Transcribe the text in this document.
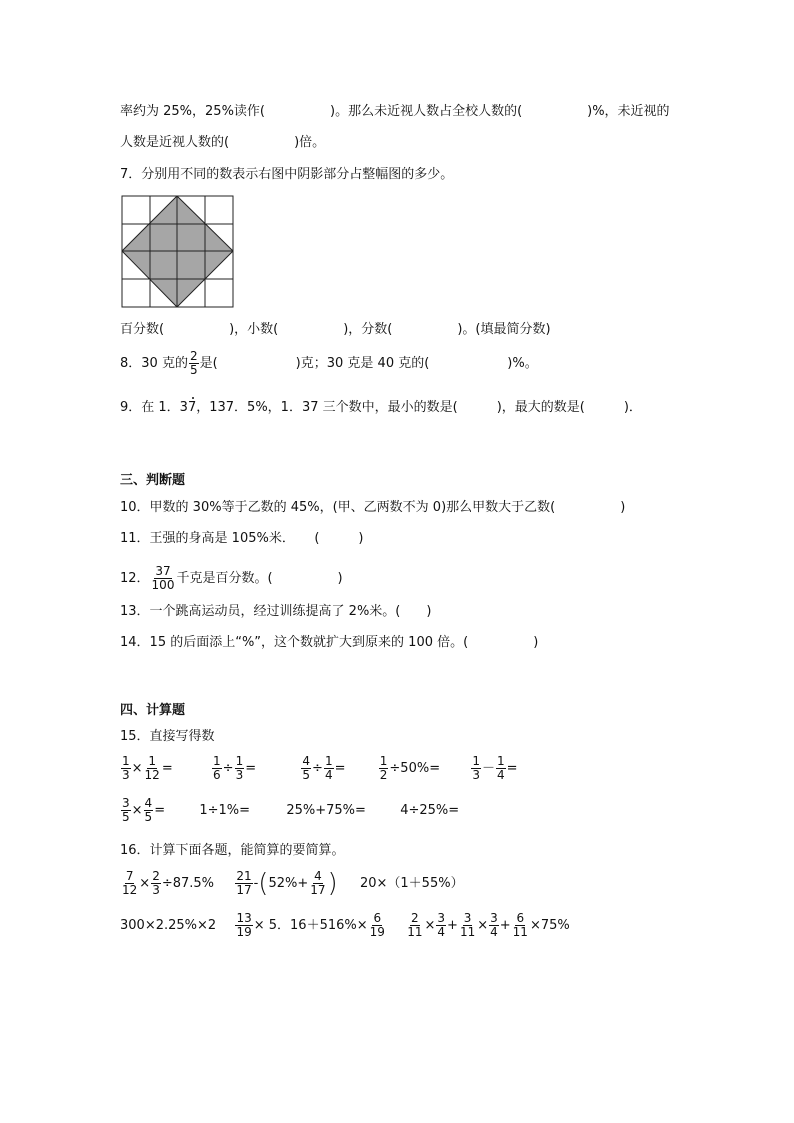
率约为 25%，25%读作(　　　　　)。那么未近视人数占全校人数的(　　　　　)%，未近视的
人数是近视人数的(　　　　　)倍。
7．分别用不同的数表示右图中阴影部分占整幅图的多少。
百分数(　　　　　)，小数(　　　　　)，分数(　　　　　)。(填最简分数)
8．30 克的 $\frac{2}{5}$ 是(　　　　　　)克；30 克是 40 克的(　　　　　　)%。
9．在 1．37，137．5%，1．37 三个数中，最小的数是(　　　)，最大的数是(　　　)．
三、判断题
10．甲数的 30%等于乙数的 45%，(甲、乙两数不为 0)那么甲数大于乙数(　　　　　)
11．王强的身高是 105%米．　　(　　　)
12． $\frac{37}{100}$ 千克是百分数。(　　　　　)
13．一个跳高运动员，经过训练提高了 2%米。(　　)
14．15 的后面添上“%”，这个数就扩大到原来的 100 倍。(　　　　　)
四、计算题
15．直接写得数
$\frac{1}{3} \times \frac{1}{12}$ =	$\frac{1}{6} \div \frac{1}{3}$ =	$\frac{4}{5} \div \frac{1}{4}$ =	$\frac{1}{2} \div 50\%=$	$\frac{1}{3} - \frac{1}{4}$ =
$\frac{3}{5} \times \frac{4}{5}$ =	1÷1%=	25%+75%=	4÷25%=
16．计算下面各题，能简算的要简算。
$\frac{7}{12} \times \frac{2}{3} \div 87.5\% \frac{21}{17} -(52\%+ \frac{4}{17}$ ) 20×（1＋55%）
$300\times 2.25\%\times 2 \frac{13}{19} \times 5$．$16+516\%\times \frac{6}{19}$
$\frac{2}{11} \times \frac{3}{4} + \frac{3}{11} \times \frac{3}{4} + \frac{6}{11} \times 75\%$
